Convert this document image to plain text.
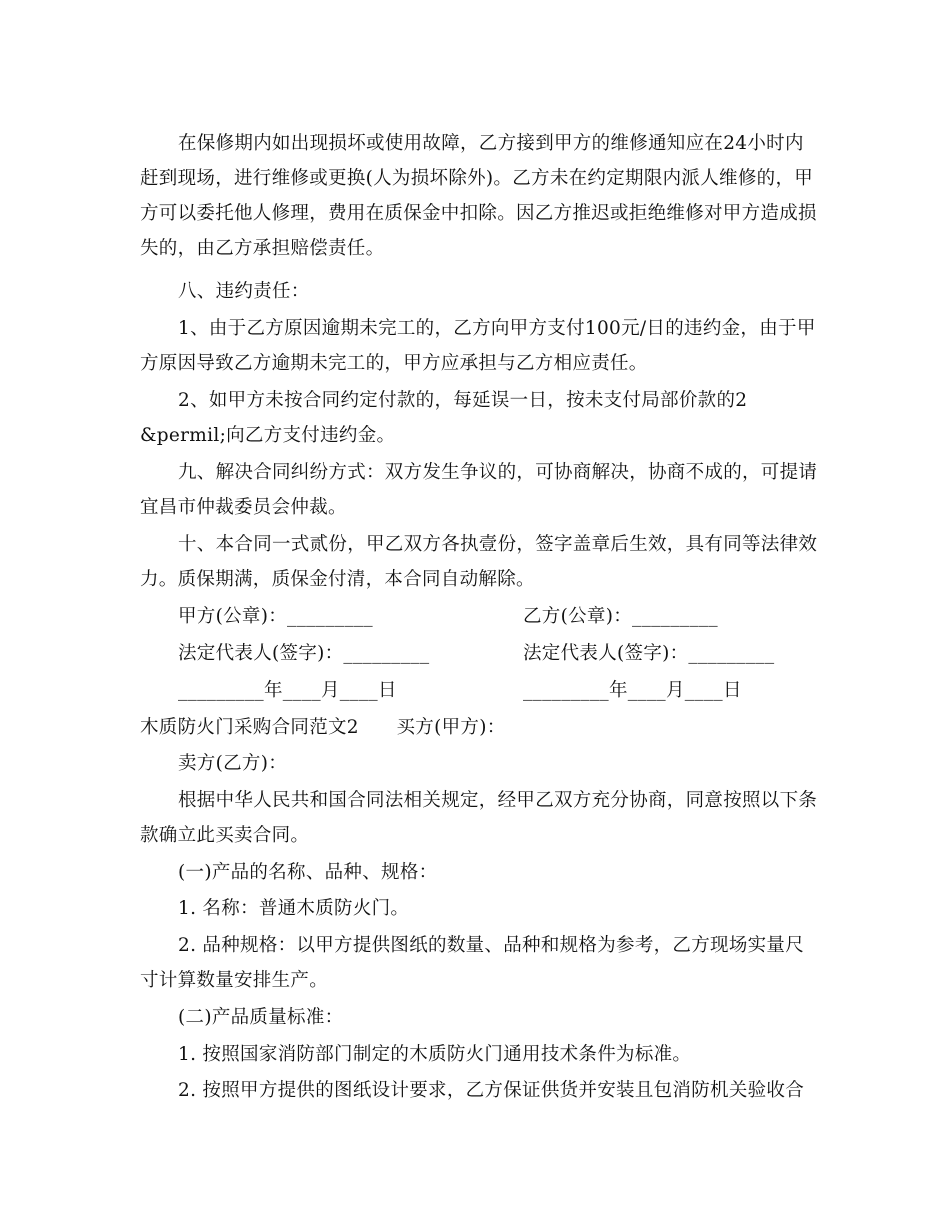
在保修期内如出现损坏或使用故障，乙方接到甲方的维修通知应在24小时内
赶到现场，进行维修或更换(人为损坏除外)。乙方未在约定期限内派人维修的，甲
方可以委托他人修理，费用在质保金中扣除。因乙方推迟或拒绝维修对甲方造成损
失的，由乙方承担赔偿责任。
八、违约责任：
1、由于乙方原因逾期未完工的，乙方向甲方支付100元/日的违约金，由于甲
方原因导致乙方逾期未完工的，甲方应承担与乙方相应责任。
2、如甲方未按合同约定付款的，每延误一日，按未支付局部价款的2
&permil;向乙方支付违约金。
九、解决合同纠纷方式：双方发生争议的，可协商解决，协商不成的，可提请
宜昌市仲裁委员会仲裁。
十、本合同一式贰份，甲乙双方各执壹份，签字盖章后生效，具有同等法律效
力。质保期满，质保金付清，本合同自动解除。
甲方(公章)：_________	乙方(公章)：_________
法定代表人(签字)：_________	法定代表人(签字)：_________
_________年____月____日	_________年____月____日
木质防火门采购合同范文2　　买方(甲方)：
卖方(乙方)：
根据中华人民共和国合同法相关规定，经甲乙双方充分协商，同意按照以下条
款确立此买卖合同。
(一)产品的名称、品种、规格：
1. 名称：普通木质防火门。
2. 品种规格：以甲方提供图纸的数量、品种和规格为参考，乙方现场实量尺
寸计算数量安排生产。
(二)产品质量标准：
1. 按照国家消防部门制定的木质防火门通用技术条件为标准。
2. 按照甲方提供的图纸设计要求，乙方保证供货并安装且包消防机关验收合
